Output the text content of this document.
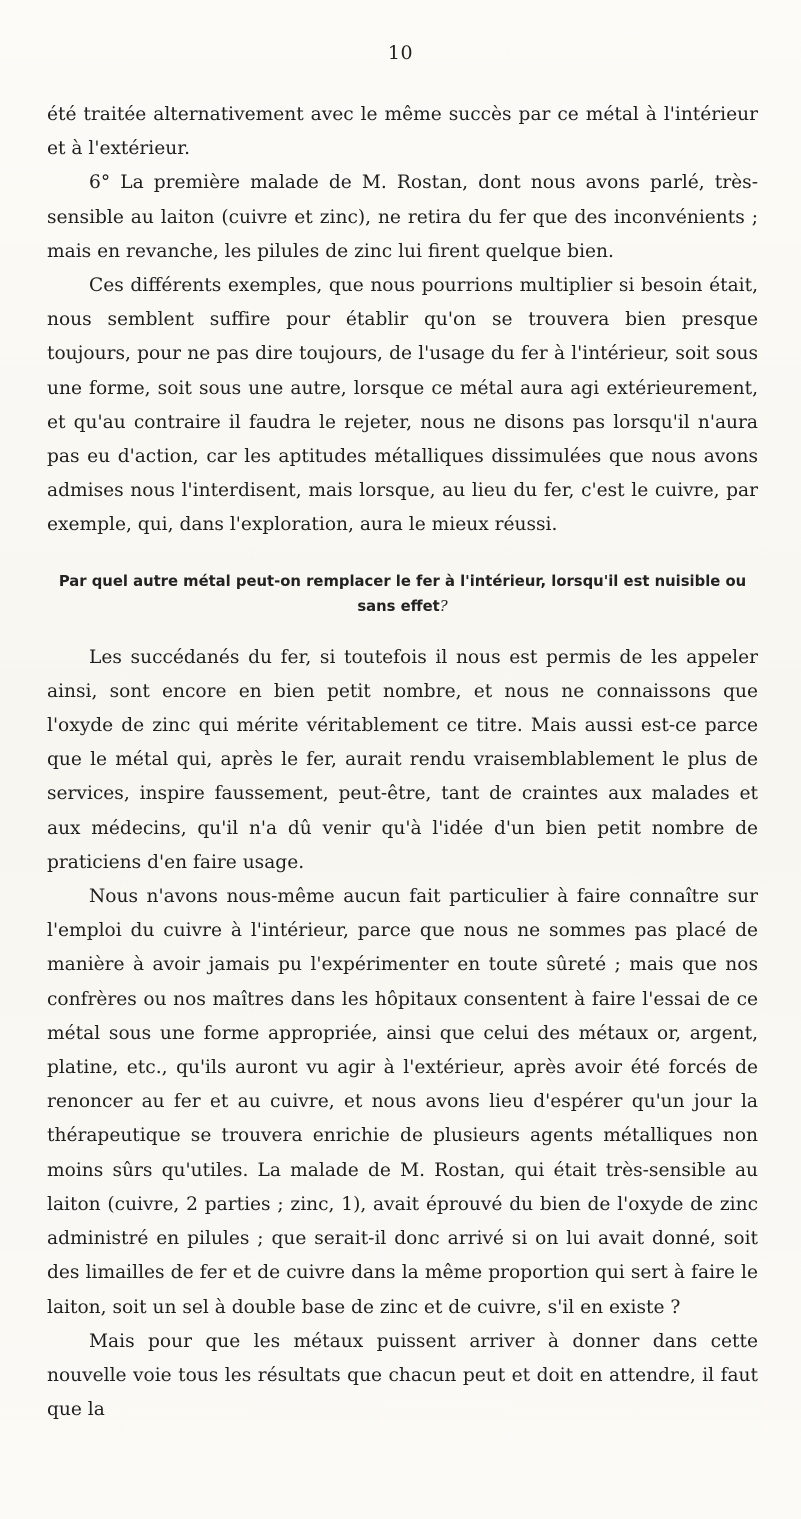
10

été traitée alternativement avec le même succès par ce métal à l'intérieur et à l'extérieur.

6° La première malade de M. Rostan, dont nous avons parlé, très-sensible au laiton (cuivre et zinc), ne retira du fer que des inconvénients ; mais en revanche, les pilules de zinc lui firent quelque bien.

Ces différents exemples, que nous pourrions multiplier si besoin était, nous semblent suffire pour établir qu'on se trouvera bien presque toujours, pour ne pas dire toujours, de l'usage du fer à l'intérieur, soit sous une forme, soit sous une autre, lorsque ce métal aura agi extérieurement, et qu'au contraire il faudra le rejeter, nous ne disons pas lorsqu'il n'aura pas eu d'action, car les aptitudes métalliques dissimulées que nous avons admises nous l'interdisent, mais lorsque, au lieu du fer, c'est le cuivre, par exemple, qui, dans l'exploration, aura le mieux réussi.

Par quel autre métal peut-on remplacer le fer à l'intérieur, lorsqu'il est nuisible ou sans effet?

Les succédanés du fer, si toutefois il nous est permis de les appeler ainsi, sont encore en bien petit nombre, et nous ne connaissons que l'oxyde de zinc qui mérite véritablement ce titre. Mais aussi est-ce parce que le métal qui, après le fer, aurait rendu vraisemblablement le plus de services, inspire faussement, peut-être, tant de craintes aux malades et aux médecins, qu'il n'a dû venir qu'à l'idée d'un bien petit nombre de praticiens d'en faire usage.

Nous n'avons nous-même aucun fait particulier à faire connaître sur l'emploi du cuivre à l'intérieur, parce que nous ne sommes pas placé de manière à avoir jamais pu l'expérimenter en toute sûreté ; mais que nos confrères ou nos maîtres dans les hôpitaux consentent à faire l'essai de ce métal sous une forme appropriée, ainsi que celui des métaux or, argent, platine, etc., qu'ils auront vu agir à l'extérieur, après avoir été forcés de renoncer au fer et au cuivre, et nous avons lieu d'espérer qu'un jour la thérapeutique se trouvera enrichie de plusieurs agents métalliques non moins sûrs qu'utiles. La malade de M. Rostan, qui était très-sensible au laiton (cuivre, 2 parties ; zinc, 1), avait éprouvé du bien de l'oxyde de zinc administré en pilules ; que serait-il donc arrivé si on lui avait donné, soit des limailles de fer et de cuivre dans la même proportion qui sert à faire le laiton, soit un sel à double base de zinc et de cuivre, s'il en existe ?

Mais pour que les métaux puissent arriver à donner dans cette nouvelle voie tous les résultats que chacun peut et doit en attendre, il faut que la
